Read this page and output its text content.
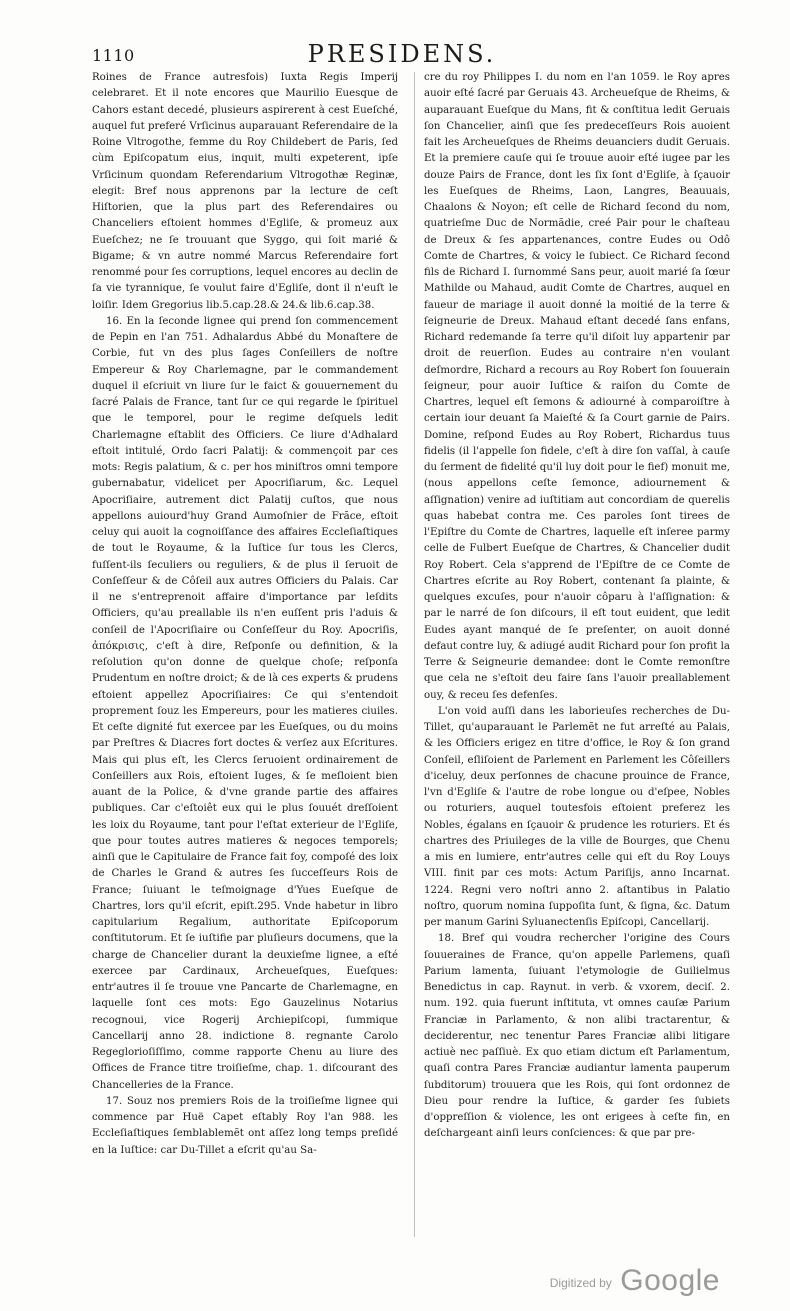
1110	PRESIDENS.

Roines de France autresfois) Iuxta Regis Imperij celebraret. Et il note encores que Maurilio Euesque de Cahors estant decedé, plusieurs aspirerent à cest Eueſché, auquel fut preferé Vrſicinus auparauant Referendaire de la Roine Vltrogothe, femme du Roy Childebert de Paris, ſed cùm Epiſcopatum eius, inquit, multi expeterent, ipſe Vrſicinum quondam Referendarium Vltrogothæ Reginæ, elegit: Bref nous apprenons par la lecture de ceſt Hiſtorien, que la plus part des Referendaires ou Chanceliers eſtoient hommes d'Egliſe, & promeuz aux Eueſchez; ne ſe trouuant que Syggo, qui ſoit marié & Bigame; & vn autre nommé Marcus Referendaire fort renommé pour ſes corruptions, lequel encores au declin de ſa vie tyrannique, ſe voulut faire d'Egliſe, dont il n'euſt le loiſir. Idem Gregorius lib.5.cap.28.& 24.& lib.6.cap.38.

16. En la ſeconde lignee qui prend ſon commencement de Pepin en l'an 751. Adhalardus Abbé du Monaſtere de Corbie, fut vn des plus ſages Conſeillers de noſtre Empereur & Roy Charlemagne, par le commandement duquel il eſcriuit vn liure ſur le faict & gouuernement du ſacré Palais de France, tant ſur ce qui regarde le ſpirituel que le temporel, pour le regime deſquels ledit Charlemagne eſtablit des Officiers. Ce liure d'Adhalard eſtoit intitulé, Ordo ſacri Palatij: & commençoit par ces mots: Regis palatium, & c. per hos miniſtros omni tempore gubernabatur, videlicet per Apocriſiarum, &c. Lequel Apocriſiaire, autrement dict Palatij cuſtos, que nous appellons auiourd'huy Grand Aumoſnier de Frãce, eſtoit celuy qui auoit la cognoiſſance des affaires Eccleſiaſtiques de tout le Royaume, & la Iuſtice ſur tous les Clercs, fuſſent-ils ſeculiers ou reguliers, & de plus il ſeruoit de Conſeſſeur & de Côſeil aux autres Officiers du Palais. Car il ne s'entreprenoit affaire d'importance par leſdits Officiers, qu'au preallable ils n'en euſſent pris l'aduis & conſeil de l'Apocriſiaire ou Conſeſſeur du Roy. Apocriſis, ἀπόκρισις, c'eſt à dire, Reſponſe ou definition, & la reſolution qu'on donne de quelque choſe; reſponſa Prudentum en noſtre droict; & de là ces experts & prudens eſtoient appellez Apocriſiaires: Ce qui s'entendoit proprement ſouz les Empereurs, pour les matieres ciuiles. Et ceſte dignité fut exercee par les Eueſques, ou du moins par Preſtres & Diacres fort doctes & verſez aux Eſcritures. Mais qui plus eſt, les Clercs ſeruoient ordinairement de Conſeillers aux Rois, eſtoient Iuges, & ſe meſloient bien auant de la Police, & d'vne grande partie des affaires publiques. Car c'eſtoiêt eux qui le plus ſouuét dreſſoient les loix du Royaume, tant pour l'eſtat exterieur de l'Egliſe, que pour toutes autres matieres & negoces temporels; ainſi que le Capitulaire de France fait foy, compoſé des loix de Charles le Grand & autres ſes ſucceſſeurs Rois de France; ſuiuant le teſmoignage d'Yues Eueſque de Chartres, lors qu'il eſcrit, epiſt.295. Vnde habetur in libro capitularium Regalium, authoritate Epiſcoporum conſtitutorum. Et ſe iuſtifie par pluſieurs documens, que la charge de Chancelier durant la deuxieſme lignee, a eſté exercee par Cardinaux, Archeueſques, Eueſques: entr'autres il ſe trouue vne Pancarte de Charlemagne, en laquelle ſont ces mots: Ego Gauzelinus Notarius recognoui, vice Rogerij Archiepiſcopi, ſummique Cancellarij anno 28. indictione 8. regnante Carolo Regeglorioſiſſimo, comme rapporte Chenu au liure des Offices de France titre troiſieſme, chap. 1. diſcourant des Chancelleries de la France.

17. Souz nos premiers Rois de la troiſieſme lignee qui commence par Huë Capet eſtably Roy l'an 988. les Eccleſiaſtiques ſemblablemẽt ont aſſez long temps preſidé en la Iuſtice: car Du-Tillet a eſcrit qu'au Sa-

cre du roy Philippes I. du nom en l'an 1059. le Roy apres auoir eſté ſacré par Geruais 43. Archeueſque de Rheims, & auparauant Eueſque du Mans, fit & conſtitua ledit Geruais ſon Chancelier, ainſi que ſes predeceſſeurs Rois auoient fait les Archeueſques de Rheims deuanciers dudit Geruais. Et la premiere cauſe qui ſe trouue auoir eſté iugee par les douze Pairs de France, dont les ſix ſont d'Egliſe, à ſçauoir les Eueſques de Rheims, Laon, Langres, Beauuais, Chaalons & Noyon; eſt celle de Richard ſecond du nom, quatrieſme Duc de Normãdie, creé Pair pour le chaſteau de Dreux & ſes appartenances, contre Eudes ou Odô Comte de Chartres, & voicy le ſubiect. Ce Richard ſecond fils de Richard I. ſurnommé Sans peur, auoit marié ſa ſœur Mathilde ou Mahaud, audit Comte de Chartres, auquel en faueur de mariage il auoit donné la moitié de la terre & ſeigneurie de Dreux. Mahaud eſtant decedé ſans enfans, Richard redemande ſa terre qu'il diſoit luy appartenir par droit de reuerſion. Eudes au contraire n'en voulant deſmordre, Richard a recours au Roy Robert ſon ſouuerain ſeigneur, pour auoir Iuſtice & raiſon du Comte de Chartres, lequel eſt ſemons & adiourné à comparoiſtre à certain iour deuant ſa Maieſté & ſa Court garnie de Pairs. Domine, reſpond Eudes au Roy Robert, Richardus tuus fidelis (il l'appelle ſon fidele, c'eſt à dire ſon vaſſal, à cauſe du ſerment de fidelité qu'il luy doit pour le fief) monuit me, (nous appellons ceſte ſemonce, adiournement & aſſignation) venire ad iuſtitiam aut concordiam de querelis quas habebat contra me. Ces paroles ſont tirees de l'Epiſtre du Comte de Chartres, laquelle eſt inſeree parmy celle de Fulbert Eueſque de Chartres, & Chancelier dudit Roy Robert. Cela s'apprend de l'Epiſtre de ce Comte de Chartres eſcrite au Roy Robert, contenant ſa plainte, & quelques excuſes, pour n'auoir côparu à l'aſſignation: & par le narré de ſon diſcours, il eſt tout euident, que ledit Eudes ayant manqué de ſe preſenter, on auoit donné defaut contre luy, & adiugé audit Richard pour ſon profit la Terre & Seigneurie demandee: dont le Comte remonſtre que cela ne s'eſtoit deu faire ſans l'auoir preallablement ouy, & receu ſes defenſes.

L'on void auſſi dans les laborieuſes recherches de Du-Tillet, qu'auparauant le Parlemẽt ne fut arreſté au Palais, & les Officiers erigez en titre d'office, le Roy & ſon grand Conſeil, eſliſoient de Parlement en Parlement les Côſeillers d'iceluy, deux perſonnes de chacune prouince de France, l'vn d'Egliſe & l'autre de robe longue ou d'eſpee, Nobles ou roturiers, auquel toutesfois eſtoient preferez les Nobles, égalans en ſçauoir & prudence les roturiers. Et és chartres des Priuileges de la ville de Bourges, que Chenu a mis en lumiere, entr'autres celle qui eſt du Roy Louys VIII. finit par ces mots: Actum Pariſijs, anno Incarnat. 1224. Regni vero noſtri anno 2. aſtantibus in Palatio noſtro, quorum nomina ſuppoſita ſunt, & ſigna, &c. Datum per manum Garini Syluanectenſis Epiſcopi, Cancellarij.

18. Bref qui voudra rechercher l'origine des Cours ſouueraines de France, qu'on appelle Parlemens, quaſi Parium lamenta, ſuiuant l'etymologie de Guilielmus Benedictus in cap. Raynut. in verb. & vxorem, deciſ. 2. num. 192. quia fuerunt inſtituta, vt omnes cauſæ Parium Franciæ in Parlamento, & non alibi tractarentur, & deciderentur, nec tenentur Pares Franciæ alibi litigare actiuè nec paſſiuè. Ex quo etiam dictum eſt Parlamentum, quaſi contra Pares Franciæ audiantur lamenta pauperum ſubditorum) trouuera que les Rois, qui ſont ordonnez de Dieu pour rendre la Iuſtice, & garder ſes ſubiets d'oppreſſion & violence, les ont erigees à ceſte fin, en deſchargeant ainſi leurs conſciences: & que par pre-

Digitized by Google
